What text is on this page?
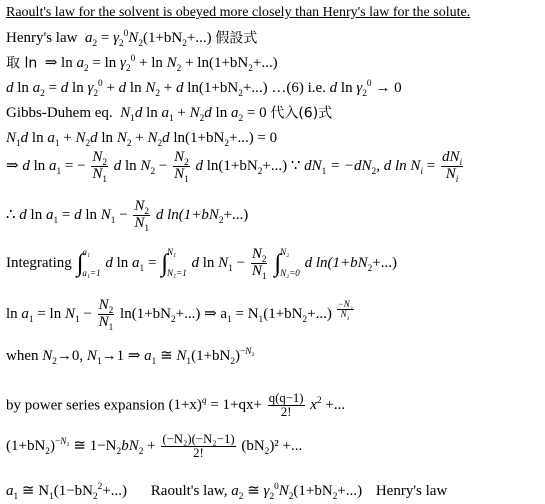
Raoult's law for the solvent is obeyed more closely than Henry's law for the solute.
Henry's law $a_2 = \gamma_2^0N_2(1+bN_2+...)$ 假設式
取 ln  ⇒ $\ln a_2 = \ln \gamma_2^0 + \ln N_2 + \ln(1+bN_2+...)$
d $\ln a_2 = d$ $\ln \gamma_2^0 + d$ $\ln N_2 + d$ $\ln(1+bN_2+...)$ …(6) i.e. d $\ln \gamma_2^0 \to 0$
Gibbs-Duhem eq. $N_1d$ $\ln a_1 + N_2d$ $\ln a_2 = 0$ 代入(6)式
$N_1d$ $\ln a_1 + N_2d$ $\ln N_2 + N_2d$ $\ln(1+bN_2+...) = 0$
⇒ d $\ln a_1$ = − $\frac{N_2}{N_1}$ d $\ln N_2 - \frac{N_2}{N_1}$ d $\ln(1+bN_2+...)$ ∵ $dN_1 = -dN_2$, d $\ln N_i$ =
$dN_i$
$N_i$
∴ d $\ln a_1 = d$ $\ln N_1 - \frac{N_2}{N_1}$ d $\ln(1+bN_2+...)$
Integrating ∫ a₁
a₁=1
d $\ln a_1$ = ∫ N₁
N₁=1
d $\ln N_1 - \frac{N_2}{N_1}$
∫ N₂
N₂=0
d $\ln(1+bN_2+...)$
$\ln a_1 = \ln N_1 - \frac{N_2}{N_1} \ln(1+bN_2+...)$ ⇒ $a_1 = N_1(1+bN_2+...) \frac{-N_2}{N_1}$
when $N_2\to 0$, $N_1\to 1$ ⇒ $a_1$ ≅ $N_1(1+bN_2)^{-N_2}$
by power series expansion $(1+x)^q = 1+qx+ \frac{q(q-1)}{2!} x^2$ +...
$(1+bN_2)^{-N_2}$ ≅ $1-N_2bN_2 + \frac{\text{(−N₂)(−N₂−1)}}{2!} (bN_2)^2$ +...
$a_1$ ≅ $N_1(1-bN_2^2+...)$ Raoult's law, $a_2$ ≅ $\gamma_2^0N_2(1+bN_2+...)$ Henry's law
